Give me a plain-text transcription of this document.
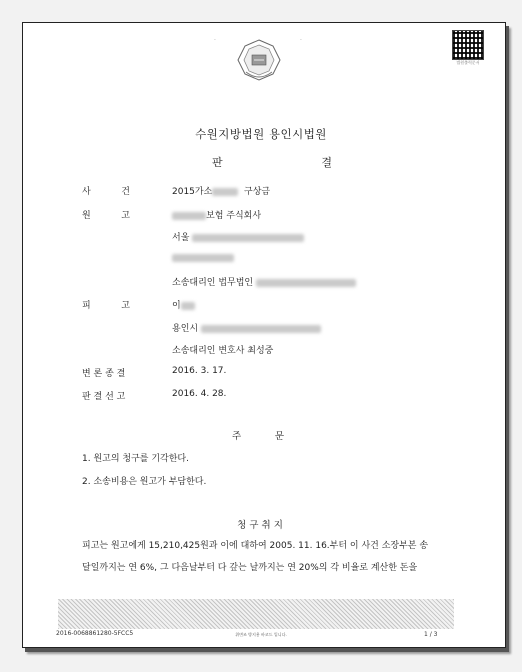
·	·
법원출력문서
수원지방법원 용인시법원
판	결
사	건	2015가소	구상금
원	고	보험 주식회사
서울
소송대리인 법무법인
피	고	이
용인시
소송대리인 변호사 최성중
변 론 종 결	2016. 3. 17.
판 결 선 고	2016. 4. 28.
주	문
1. 원고의 청구를 기각한다.
2. 소송비용은 원고가 부담한다.
청 구 취 지
피고는 원고에게 15,210,425원과 이에 대하여 2005. 11. 16.부터 이 사건 소장부본 송
달일까지는 연 6%, 그 다음날부터 다 갚는 날까지는 연 20%의 각 비율로 계산한 돈을
2016-0068861280-5FCC5	위변조 방지용 바코드 입니다.	1 / 3
